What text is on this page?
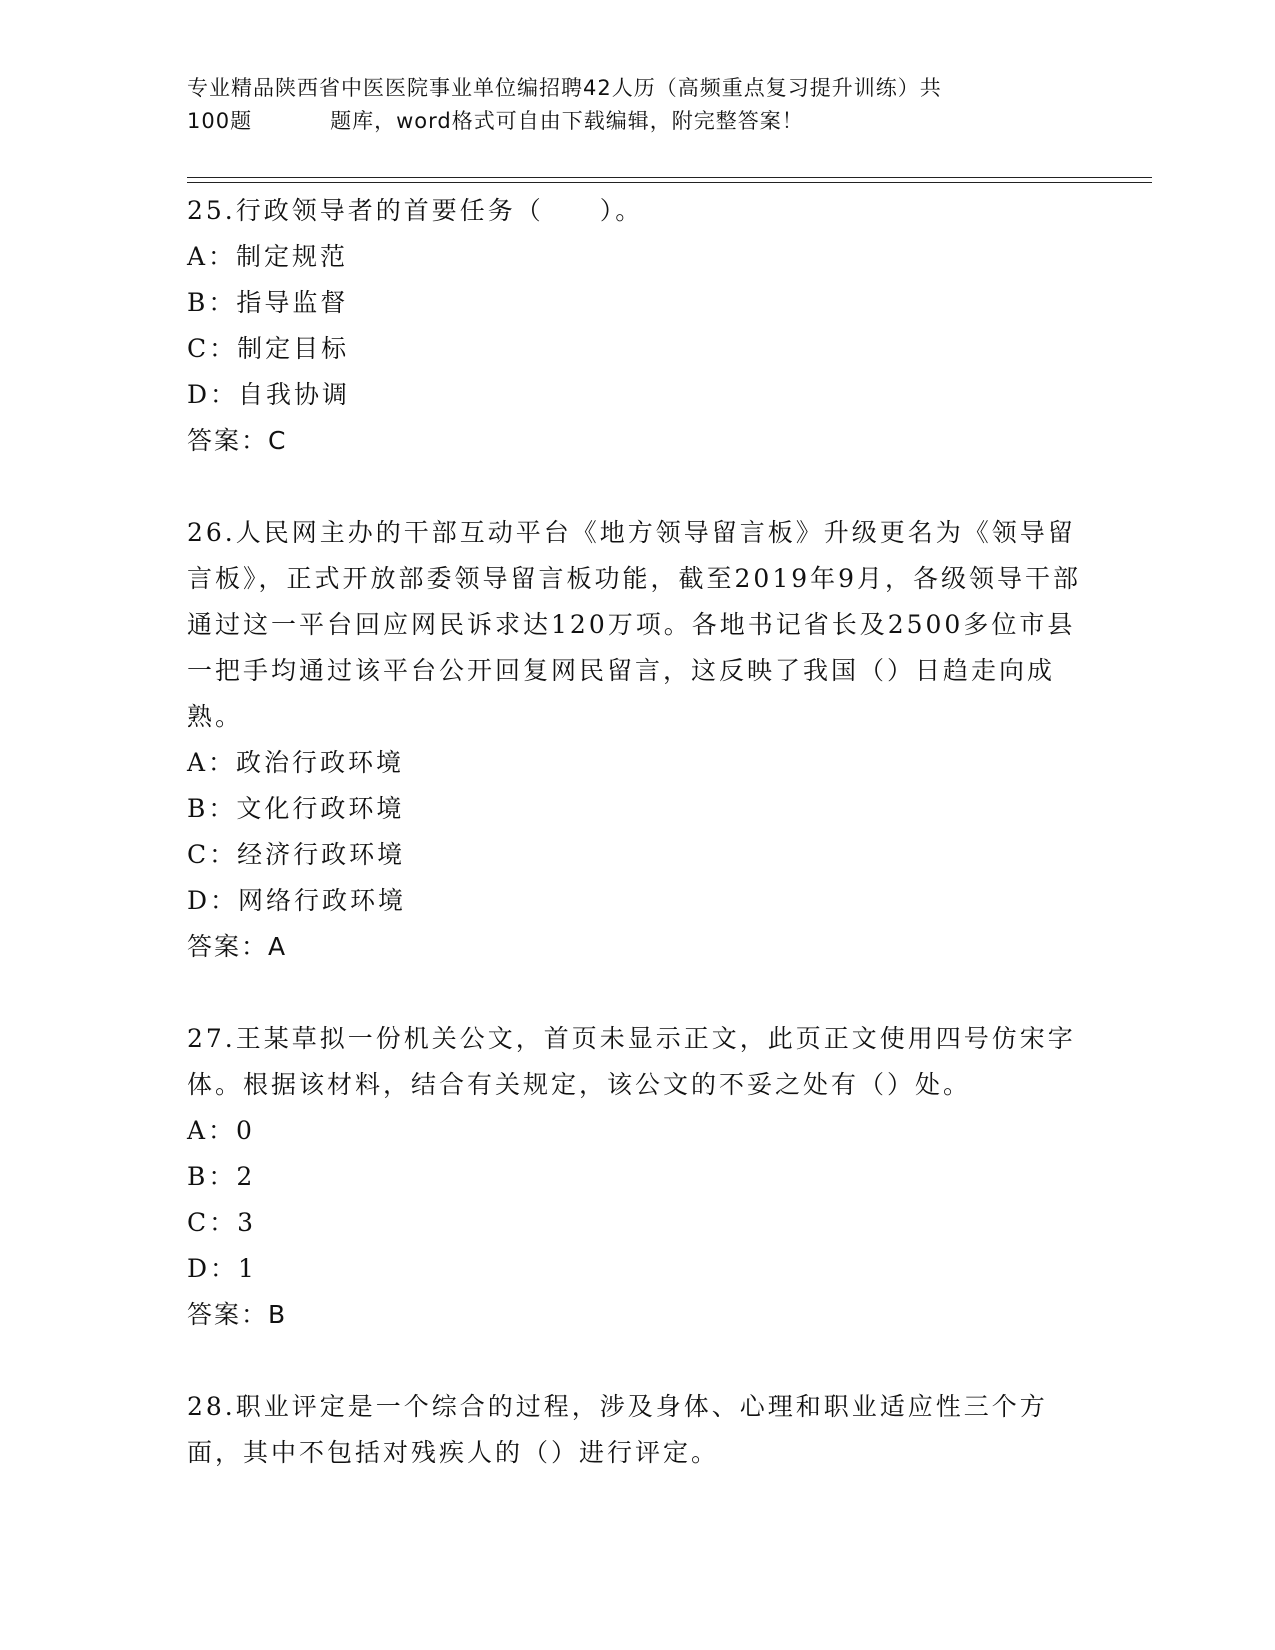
专业精品陕西省中医医院事业单位编招聘42人历（高频重点复习提升训练）共
100题	题库，word格式可自由下载编辑，附完整答案！

25.行政领导者的首要任务（　　）。

A：制定规范

B：指导监督

C：制定目标

D：自我协调

答案：C

26.人民网主办的干部互动平台《地方领导留言板》升级更名为《领导留言板》，正式开放部委领导留言板功能，截至2019年9月，各级领导干部通过这一平台回应网民诉求达120万项。各地书记省长及2500多位市县一把手均通过该平台公开回复网民留言，这反映了我国（）日趋走向成熟。

A：政治行政环境

B：文化行政环境

C：经济行政环境

D：网络行政环境

答案：A

27.王某草拟一份机关公文，首页未显示正文，此页正文使用四号仿宋字体。根据该材料，结合有关规定，该公文的不妥之处有（）处。

A：0

B：2

C：3

D：1

答案：B

28.职业评定是一个综合的过程，涉及身体、心理和职业适应性三个方面，其中不包括对残疾人的（）进行评定。
